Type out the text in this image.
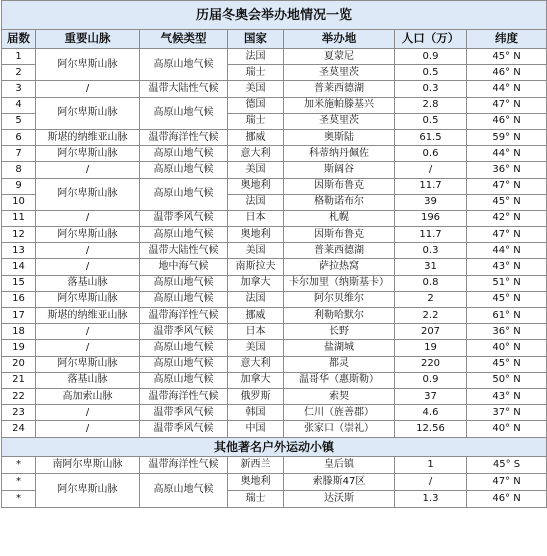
历届冬奥会举办地情况一览						
届数	重要山脉	气候类型	国家	举办地	人口（万）	纬度
1	阿尔卑斯山脉	高原山地气候	法国	夏蒙尼	0.9	45° N
2			瑞士	圣莫里茨	0.5	46° N
3	/	温带大陆性气候	美国	普莱西德湖	0.3	44° N
4	阿尔卑斯山脉	高原山地气候	德国	加米施帕滕基兴	2.8	47° N
5			瑞士	圣莫里茨	0.5	46° N
6	斯堪的纳维亚山脉	温带海洋性气候	挪威	奥斯陆	61.5	59° N
7	阿尔卑斯山脉	高原山地气候	意大利	科蒂纳丹佩佐	0.6	44° N
8	/	高原山地气候	美国	斯阔谷	/	36° N
9	阿尔卑斯山脉	高原山地气候	奥地利	因斯布鲁克	11.7	47° N
10			法国	格勒诺布尔	39	45° N
11	/	温带季风气候	日本	札幌	196	42° N
12	阿尔卑斯山脉	高原山地气候	奥地利	因斯布鲁克	11.7	47° N
13	/	温带大陆性气候	美国	普莱西德湖	0.3	44° N
14	/	地中海气候	南斯拉夫	萨拉热窝	31	43° N
15	落基山脉	高原山地气候	加拿大	卡尔加里（纳斯基卡）	0.8	51° N
16	阿尔卑斯山脉	高原山地气候	法国	阿尔贝维尔	2	45° N
17	斯堪的纳维亚山脉	温带海洋性气候	挪威	利勒哈默尔	2.2	61° N
18	/	温带季风气候	日本	长野	207	36° N
19	/	高原山地气候	美国	盐湖城	19	40° N
20	阿尔卑斯山脉	高原山地气候	意大利	都灵	220	45° N
21	落基山脉	高原山地气候	加拿大	温哥华（惠斯勒）	0.9	50° N
22	高加索山脉	温带海洋性气候	俄罗斯	索契	37	43° N
23	/	温带季风气候	韩国	仁川（旌善郡）	4.6	37° N
24	/	温带季风气候	中国	张家口（崇礼）	12.56	40° N
其他著名户外运动小镇						
*	南阿尔卑斯山脉	温带海洋性气候	新西兰	皇后镇	1	45° S
*	阿尔卑斯山脉	高原山地气候	奥地利	索滕斯47区	/	47° N
*			瑞士	达沃斯	1.3	46° N
